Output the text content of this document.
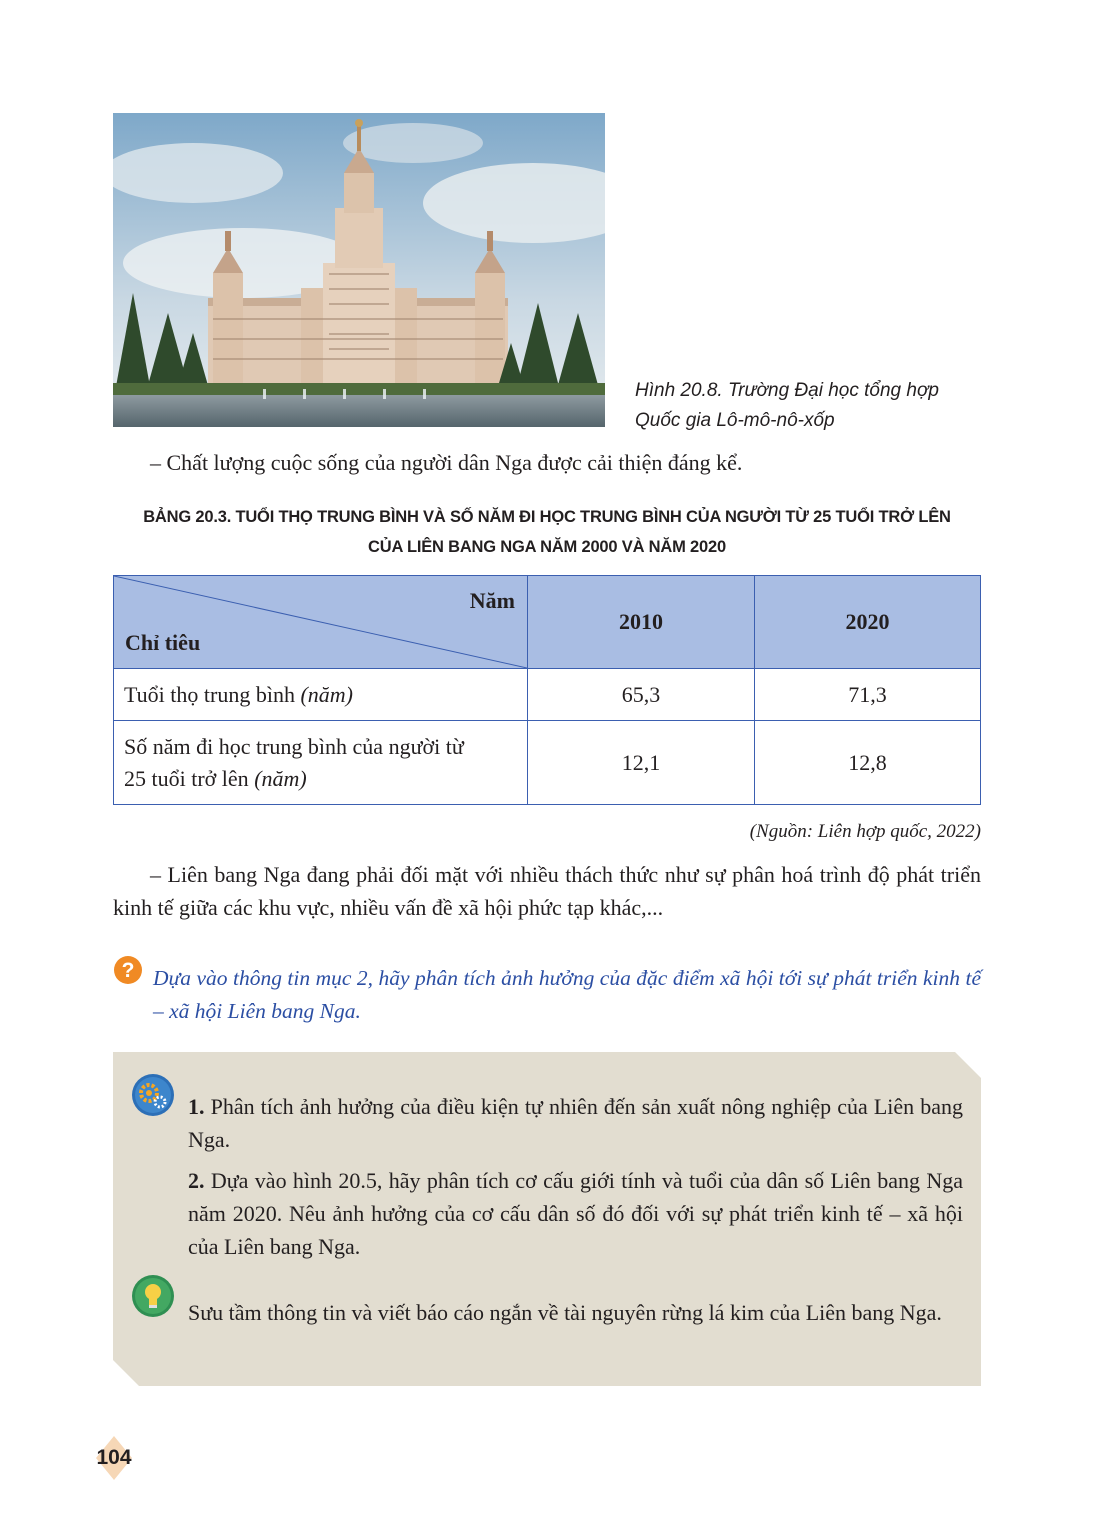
Hình 20.8. Trường Đại học tổng hợp
Quốc gia Lô-mô-nô-xốp
– Chất lượng cuộc sống của người dân Nga được cải thiện đáng kể.
BẢNG 20.3. TUỔI THỌ TRUNG BÌNH VÀ SỐ NĂM ĐI HỌC TRUNG BÌNH CỦA NGƯỜI TỪ 25 TUỔI TRỞ LÊN
CỦA LIÊN BANG NGA NĂM 2000 VÀ NĂM 2020
Năm
Chỉ tiêu	2010	2020
Tuổi thọ trung bình (năm)	65,3	71,3

Số năm đi học trung bình của người từ
25 tuổi trở lên (năm)	12,1	12,8
(Nguồn: Liên hợp quốc, 2022)
– Liên bang Nga đang phải đối mặt với nhiều thách thức như sự phân hoá trình độ phát triển kinh tế giữa các khu vực, nhiều vấn đề xã hội phức tạp khác,...
? Dựa vào thông tin mục 2, hãy phân tích ảnh hưởng của đặc điểm xã hội tới sự phát triển kinh tế – xã hội Liên bang Nga.
1. Phân tích ảnh hưởng của điều kiện tự nhiên đến sản xuất nông nghiệp của Liên bang Nga.
2. Dựa vào hình 20.5, hãy phân tích cơ cấu giới tính và tuổi của dân số Liên bang Nga năm 2020. Nêu ảnh hưởng của cơ cấu dân số đó đối với sự phát triển kinh tế – xã hội của Liên bang Nga.
Sưu tầm thông tin và viết báo cáo ngắn về tài nguyên rừng lá kim của Liên bang Nga.
104
